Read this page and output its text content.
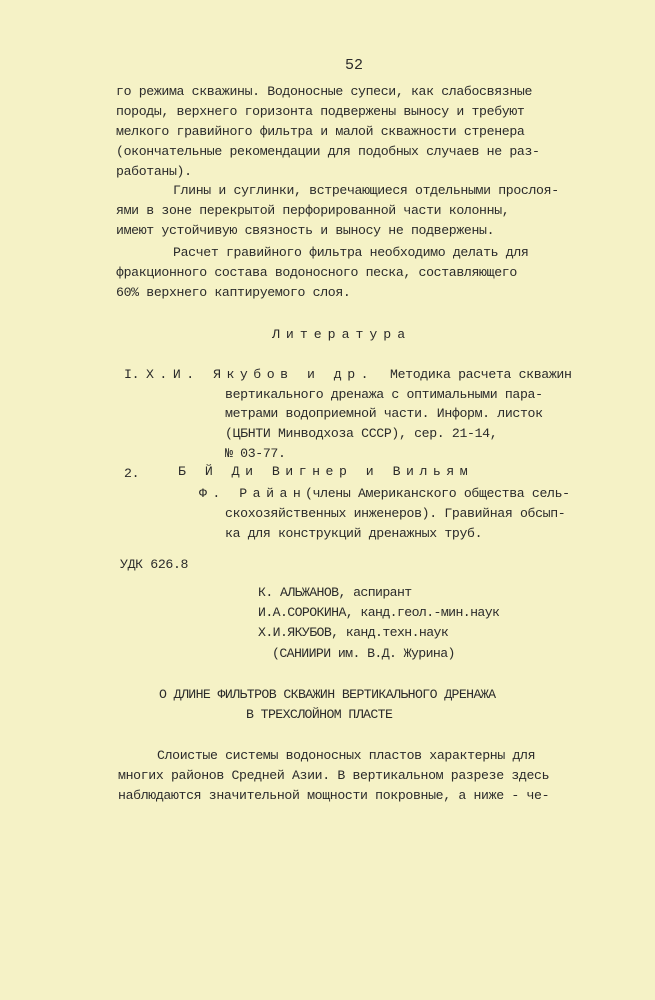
52
го режима скважины. Водоносные супеси, как слабосвязные
породы, верхнего горизонта подвержены выносу и требуют
мелкого гравийного фильтра и малой скважности стренера
(окончательные рекомендации для подобных случаев не раз-
работаны).
Глины и суглинки, встречающиеся отдельными прослоя-
ями в зоне перекрытой перфорированной части колонны,
имеют устойчивую связность и выносу не подвержены.
Расчет гравийного фильтра необходимо делать для
фракционного состава водоносного песка, составляющего
60% верхнего каптируемого слоя.
Литература
I. Х.И. Якубов и др. Методика расчета скважин
вертикального дренажа с оптимальными пара-
метрами водоприемной части. Информ. листок
(ЦБНТИ Минводхоза СССР), сер. 21-14,
№ 03-77.
2.	Б Й Ди Вигнер и Вильям
Ф. Райан
(члены Американского общества сель-
скохозяйственных инженеров). Гравийная обсып-
ка для конструкций дренажных труб.
УДК 626.8
К. АЛЬЖАНОВ, аспирант
И.А.СОРОКИНА, канд.геол.-мин.наук
Х.И.ЯКУБОВ, канд.техн.наук
(САНИИРИ им. В.Д. Журина)
О ДЛИНЕ ФИЛЬТРОВ СКВАЖИН ВЕРТИКАЛЬНОГО ДРЕНАЖА
В ТРЕХСЛОЙНОМ ПЛАСТЕ
Слоистые системы водоносных пластов характерны для
многих районов Средней Азии. В вертикальном разрезе здесь
наблюдаются значительной мощности покровные, а ниже - че-
